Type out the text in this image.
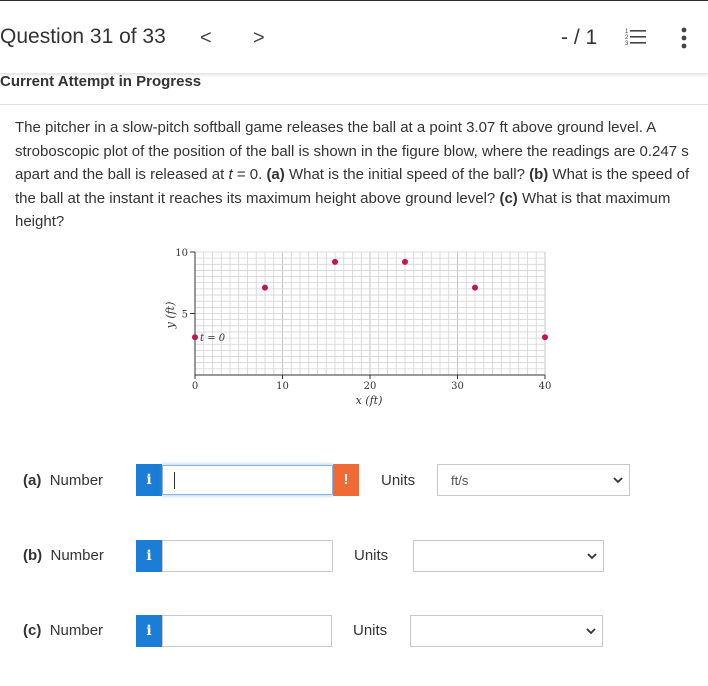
Question 31 of 33 < >	- / 1	1
2
3
Current Attempt in Progress
The pitcher in a slow-pitch softball game releases the ball at a point 3.07 ft above ground level. A stroboscopic plot of the position of the ball is shown in the figure blow, where the readings are 0.247 s apart and the ball is released at t = 0. (a) What is the initial speed of the ball? (b) What is the speed of the ball at the instant it reaches its maximum height above ground level? (c) What is that maximum height?
0	10	20	30	40
5
10
x (ft)
y (ft)
t = 0
(a) Number	i	!	Units	ft/s
(b) Number	i	Units
(c) Number	i	Units
